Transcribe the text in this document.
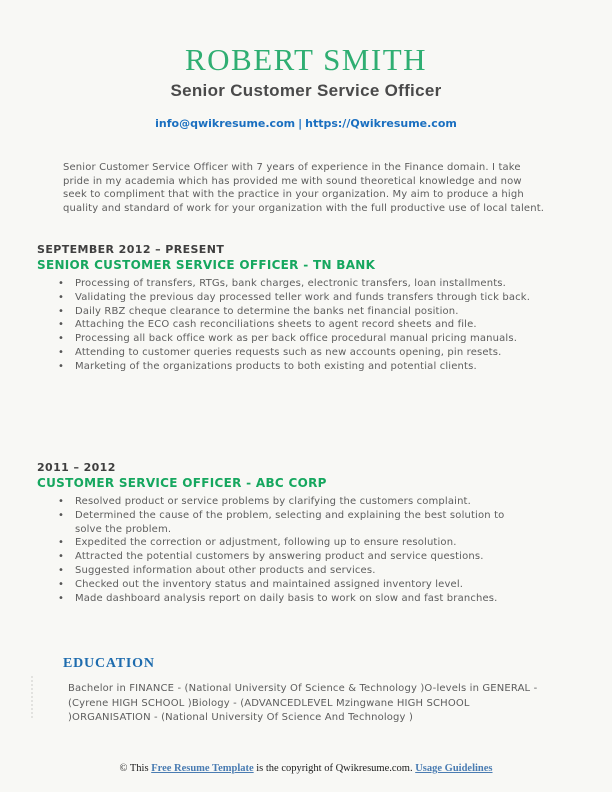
ROBERT SMITH
Senior Customer Service Officer
info@qwikresume.com | https://Qwikresume.com

Senior Customer Service Officer with 7 years of experience in the Finance domain. I take pride in my academia which has provided me with sound theoretical knowledge and now seek to compliment that with the practice in your organization. My aim to produce a high quality and standard of work for your organization with the full productive use of local talent.

SEPTEMBER 2012 – PRESENT
SENIOR CUSTOMER SERVICE OFFICER - TN BANK
• Processing of transfers, RTGs, bank charges, electronic transfers, loan installments.
• Validating the previous day processed teller work and funds transfers through tick back.
• Daily RBZ cheque clearance to determine the banks net financial position.
• Attaching the ECO cash reconciliations sheets to agent record sheets and file.
• Processing all back office work as per back office procedural manual pricing manuals.
• Attending to customer queries requests such as new accounts opening, pin resets.
• Marketing of the organizations products to both existing and potential clients.
2011 – 2012
CUSTOMER SERVICE OFFICER - ABC CORP
• Resolved product or service problems by clarifying the customers complaint.
• Determined the cause of the problem, selecting and explaining the best solution to solve the problem.
• Expedited the correction or adjustment, following up to ensure resolution.
• Attracted the potential customers by answering product and service questions.
• Suggested information about other products and services.
• Checked out the inventory status and maintained assigned inventory level.
• Made dashboard analysis report on daily basis to work on slow and fast branches.
EDUCATION

Bachelor in FINANCE - (National University Of Science & Technology )O-levels in GENERAL - (Cyrene HIGH SCHOOL )Biology - (ADVANCEDLEVEL Mzingwane HIGH SCHOOL )ORGANISATION - (National University Of Science And Technology )

© This Free Resume Template is the copyright of Qwikresume.com. Usage Guidelines
